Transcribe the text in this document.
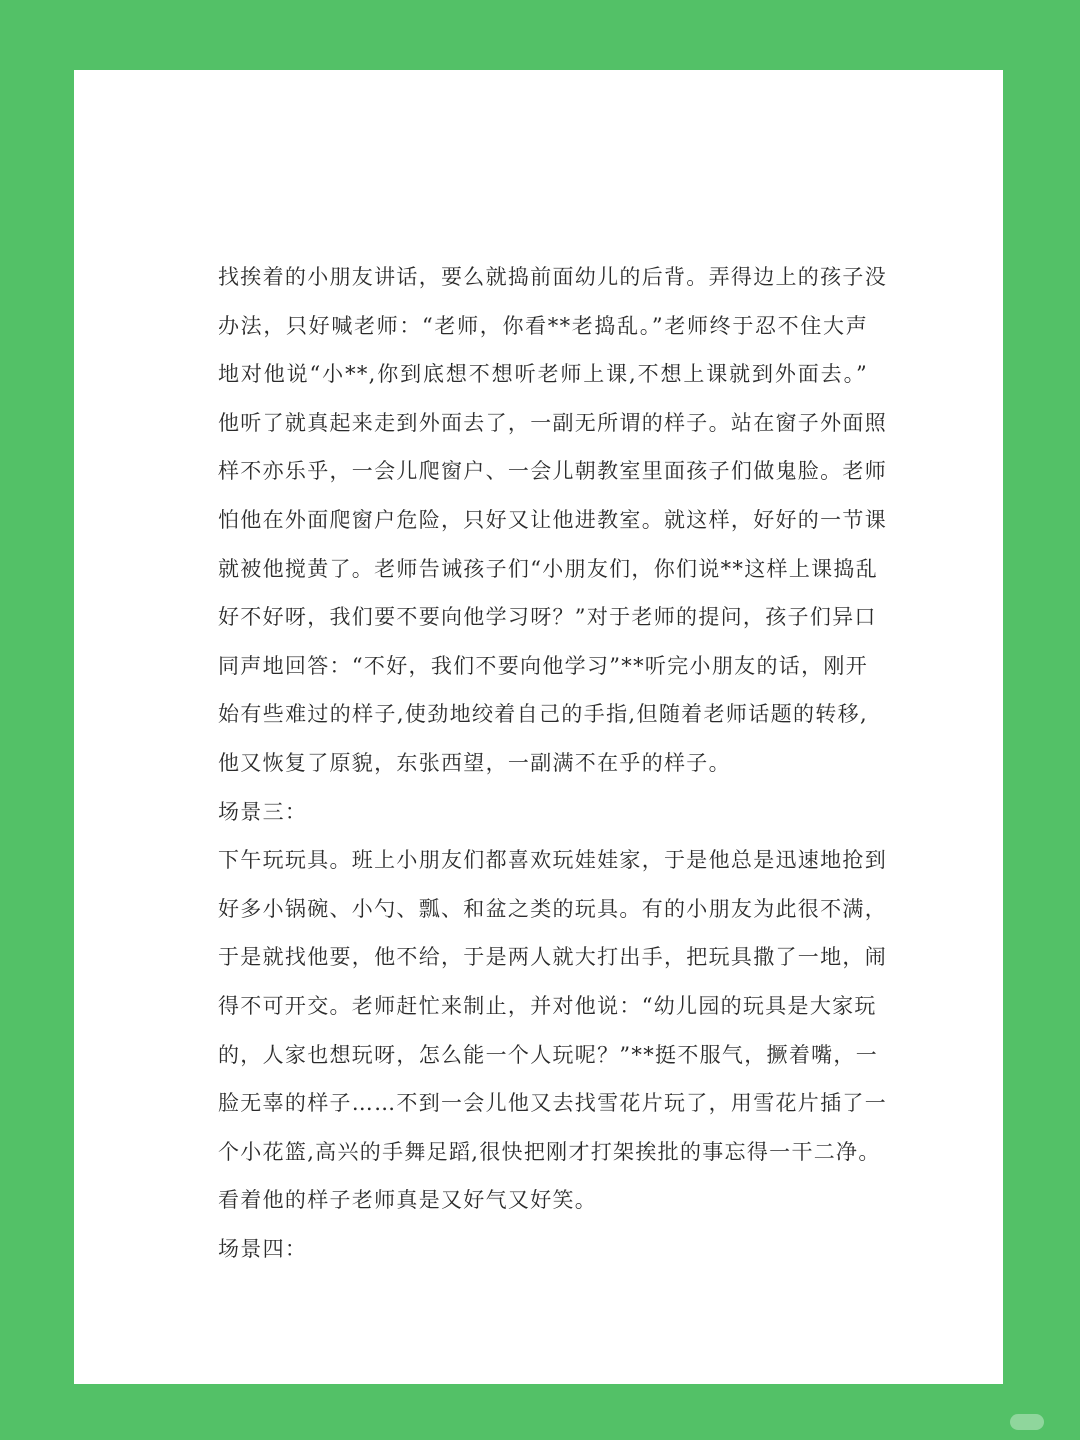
找挨着的小朋友讲话，要么就捣前面幼儿的后背。弄得边上的孩子没
办法，只好喊老师：“老师，你看**老捣乱。”老师终于忍不住大声
地对他说“小**,你到底想不想听老师上课,不想上课就到外面去。”
他听了就真起来走到外面去了，一副无所谓的样子。站在窗子外面照
样不亦乐乎，一会儿爬窗户、一会儿朝教室里面孩子们做鬼脸。老师
怕他在外面爬窗户危险，只好又让他进教室。就这样，好好的一节课
就被他搅黄了。老师告诫孩子们“小朋友们，你们说**这样上课捣乱
好不好呀，我们要不要向他学习呀？”对于老师的提问，孩子们异口
同声地回答：“不好，我们不要向他学习”**听完小朋友的话，刚开
始有些难过的样子,使劲地绞着自己的手指,但随着老师话题的转移,
他又恢复了原貌，东张西望，一副满不在乎的样子。
场景三：
下午玩玩具。班上小朋友们都喜欢玩娃娃家，于是他总是迅速地抢到
好多小锅碗、小勺、瓢、和盆之类的玩具。有的小朋友为此很不满，
于是就找他要，他不给，于是两人就大打出手，把玩具撒了一地，闹
得不可开交。老师赶忙来制止，并对他说：“幼儿园的玩具是大家玩
的，人家也想玩呀，怎么能一个人玩呢？”**挺不服气，撅着嘴，一
脸无辜的样子……不到一会儿他又去找雪花片玩了，用雪花片插了一
个小花篮,高兴的手舞足蹈,很快把刚才打架挨批的事忘得一干二净。
看着他的样子老师真是又好气又好笑。
场景四：
